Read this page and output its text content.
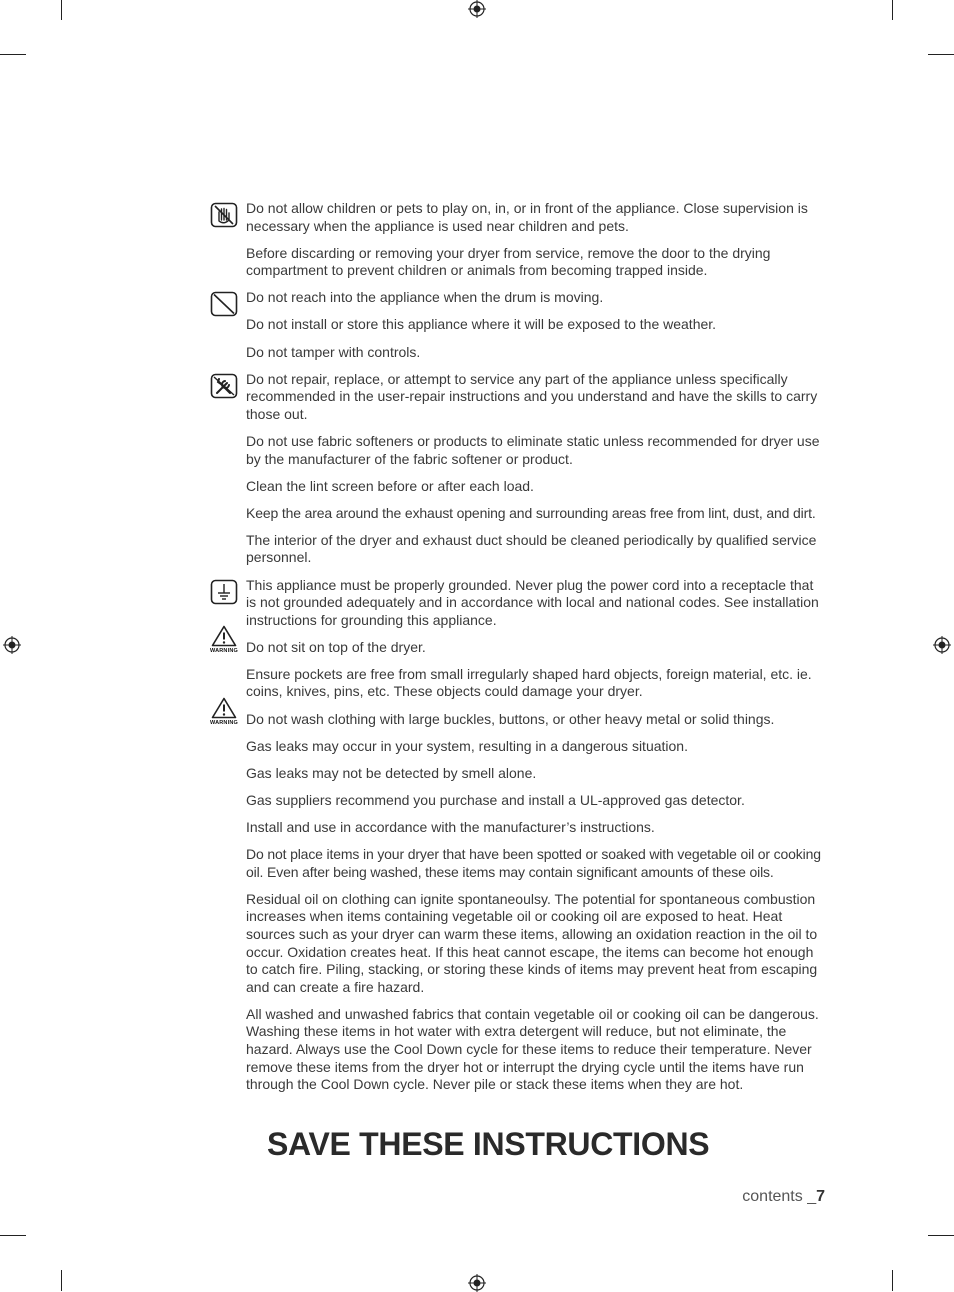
Do not allow children or pets to play on, in, or in front of the appliance. Close supervision is necessary when the appliance is used near children and pets.

Before discarding or removing your dryer from service, remove the door to the drying compartment to prevent children or animals from becoming trapped inside.

Do not reach into the appliance when the drum is moving.

Do not install or store this appliance where it will be exposed to the weather.

Do not tamper with controls.

Do not repair, replace, or attempt to service any part of the appliance unless specifically recommended in the user-repair instructions and you understand and have the skills to carry those out.

Do not use fabric softeners or products to eliminate static unless recommended for dryer use by the manufacturer of the fabric softener or product.

Clean the lint screen before or after each load.

Keep the area around the exhaust opening and surrounding areas free from lint, dust, and dirt.

The interior of the dryer and exhaust duct should be cleaned periodically by qualified service personnel.

This appliance must be properly grounded. Never plug the power cord into a receptacle that is not grounded adequately and in accordance with local and national codes. See installation instructions for grounding this appliance.

WARNING Do not sit on top of the dryer.

Ensure pockets are free from small irregularly shaped hard objects, foreign material, etc. ie. coins, knives, pins, etc. These objects could damage your dryer.

WARNING Do not wash clothing with large buckles, buttons, or other heavy metal or solid things.

Gas leaks may occur in your system, resulting in a dangerous situation.

Gas leaks may not be detected by smell alone.

Gas suppliers recommend you purchase and install a UL-approved gas detector.

Install and use in accordance with the manufacturer’s instructions.

Do not place items in your dryer that have been spotted or soaked with vegetable oil or cooking oil. Even after being washed, these items may contain significant amounts of these oils.

Residual oil on clothing can ignite spontaneoulsy. The potential for spontaneous combustion increases when items containing vegetable oil or cooking oil are exposed to heat. Heat sources such as your dryer can warm these items, allowing an oxidation reaction in the oil to occur. Oxidation creates heat. If this heat cannot escape, the items can become hot enough to catch fire. Piling, stacking, or storing these kinds of items may prevent heat from escaping and can create a fire hazard.

All washed and unwashed fabrics that contain vegetable oil or cooking oil can be dangerous. Washing these items in hot water with extra detergent will reduce, but not eliminate, the hazard. Always use the Cool Down cycle for these items to reduce their temperature. Never remove these items from the dryer hot or interrupt the drying cycle until the items have run through the Cool Down cycle. Never pile or stack these items when they are hot.

SAVE THESE INSTRUCTIONS
contents _7
